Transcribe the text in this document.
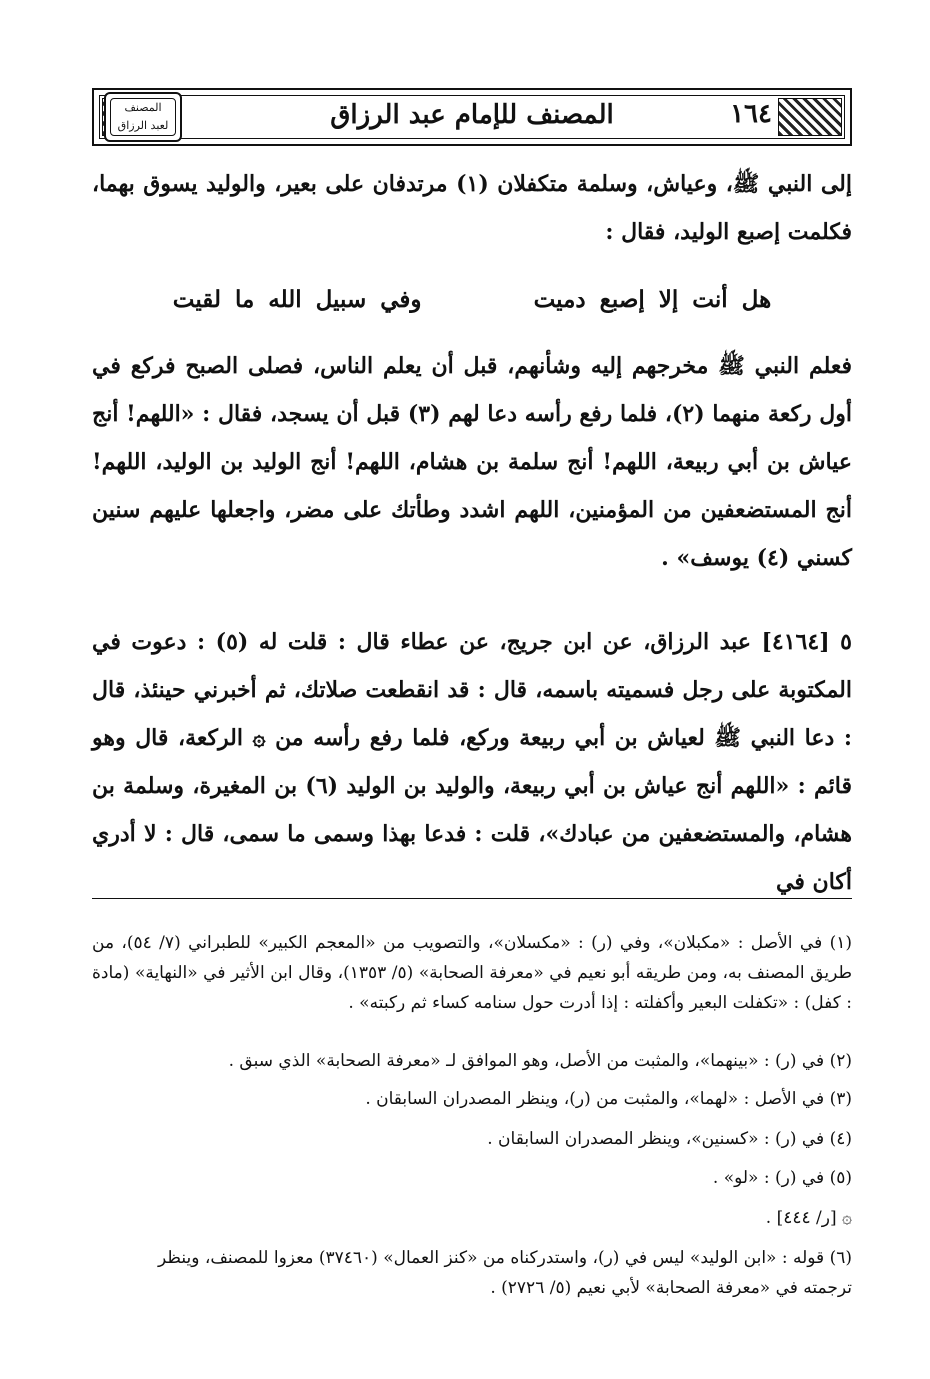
المصنف للإمام عبد الرزاق	١٦٤
المصنف
لعبد الرزاق
إلى النبي ﷺ، وعياش، وسلمة متكفلان (١) مرتدفان على بعير، والوليد يسوق بهما، فكلمت إصبع الوليد، فقال :
هل أنت إلا إصبع دميت        وفي سبيل الله ما لقيت
فعلم النبي ﷺ مخرجهم إليه وشأنهم، قبل أن يعلم الناس، فصلى الصبح فركع في أول ركعة منهما (٢)، فلما رفع رأسه دعا لهم (٣) قبل أن يسجد، فقال : «اللهم! أنج عياش بن أبي ربيعة، اللهم! أنج سلمة بن هشام، اللهم! أنج الوليد بن الوليد، اللهم! أنج المستضعفين من المؤمنين، اللهم اشدد وطأتك على مضر، واجعلها عليهم سنين كسني (٤) يوسف» .
٥ [٤١٦٤] عبد الرزاق، عن ابن جريج، عن عطاء قال : قلت له (٥) : دعوت في المكتوبة على رجل فسميته باسمه، قال : قد انقطعت صلاتك، ثم أخبرني حينئذ، قال : دعا النبي ﷺ لعياش بن أبي ربيعة وركع، فلما رفع رأسه من ۞ الركعة، قال وهو قائم : «اللهم أنج عياش بن أبي ربيعة، والوليد بن الوليد (٦) بن المغيرة، وسلمة بن هشام، والمستضعفين من عبادك»، قلت : فدعا بهذا وسمى ما سمى، قال : لا أدري أكان في
(١) في الأصل : «مكبلان»، وفي (ر) : «مكسلان»، والتصويب من «المعجم الكبير» للطبراني (٧/ ٥٤)، من طريق المصنف به، ومن طريقه أبو نعيم في «معرفة الصحابة» (٥/ ١٣٥٣)، وقال ابن الأثير في «النهاية» (مادة : كفل) : «تكفلت البعير وأكفلته : إذا أدرت حول سنامه كساء ثم ركبته» .
(٢) في (ر) : «بينهما»، والمثبت من الأصل، وهو الموافق لـ «معرفة الصحابة» الذي سبق .
(٣) في الأصل : «لهما»، والمثبت من (ر)، وينظر المصدران السابقان .
(٤) في (ر) : «كسنين»، وينظر المصدران السابقان .
(٥) في (ر) : «لو» .
۞ [ر/ ٤٤٤] .
(٦) قوله : «ابن الوليد» ليس في (ر)، واستدركناه من «كنز العمال» (٣٧٤٦٠) معزوا للمصنف، وينظر
ترجمته في «معرفة الصحابة» لأبي نعيم (٥/ ٢٧٢٦) .
